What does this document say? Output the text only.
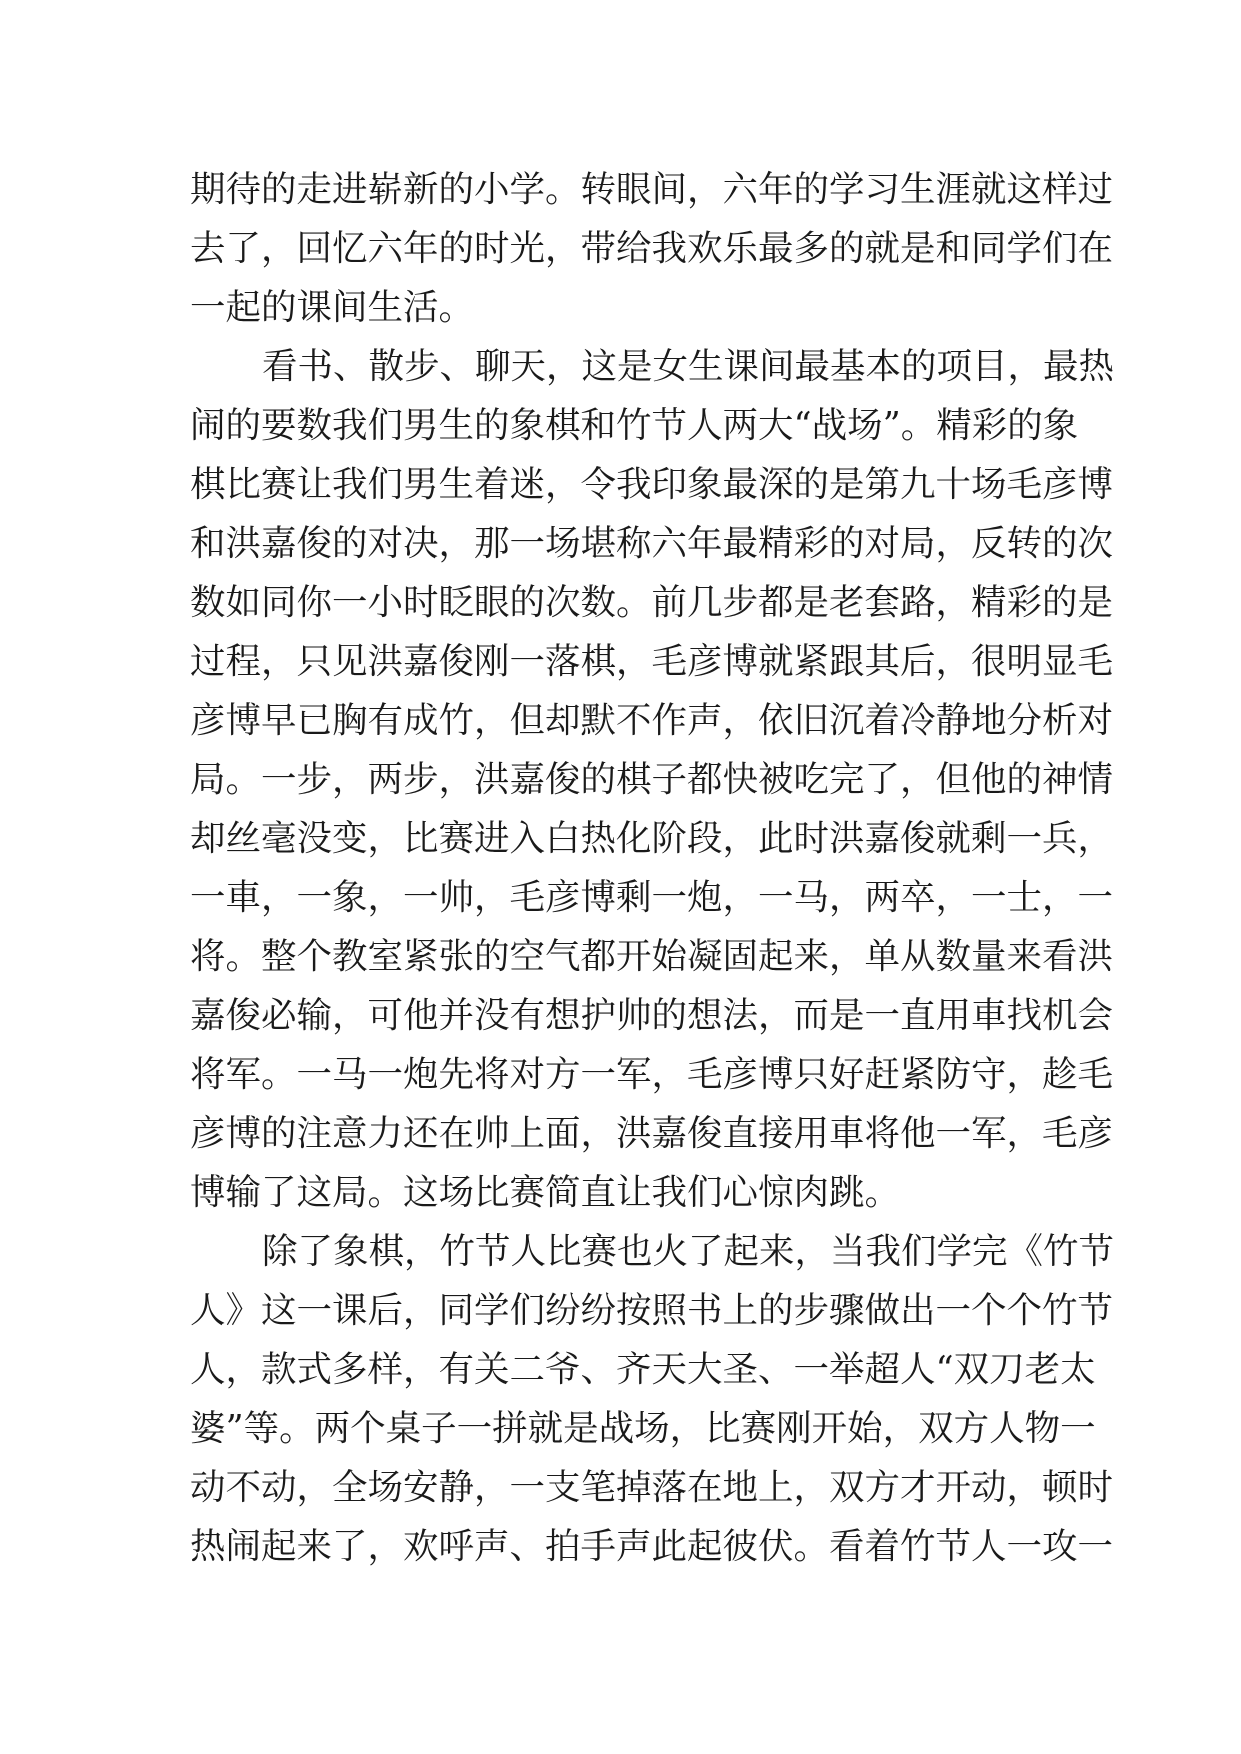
期待的走进崭新的小学。转眼间，六年的学习生涯就这样过
去了，回忆六年的时光，带给我欢乐最多的就是和同学们在
一起的课间生活。
看书、散步、聊天，这是女生课间最基本的项目，最热
闹的要数我们男生的象棋和竹节人两大“战场”。精彩的象
棋比赛让我们男生着迷，令我印象最深的是第九十场毛彦博
和洪嘉俊的对决，那一场堪称六年最精彩的对局，反转的次
数如同你一小时眨眼的次数。前几步都是老套路，精彩的是
过程，只见洪嘉俊刚一落棋，毛彦博就紧跟其后，很明显毛
彦博早已胸有成竹，但却默不作声，依旧沉着冷静地分析对
局。一步，两步，洪嘉俊的棋子都快被吃完了，但他的神情
却丝毫没变，比赛进入白热化阶段，此时洪嘉俊就剩一兵，
一車，一象，一帅，毛彦博剩一炮，一马，两卒，一士，一
将。整个教室紧张的空气都开始凝固起来，单从数量来看洪
嘉俊必输，可他并没有想护帅的想法，而是一直用車找机会
将军。一马一炮先将对方一军，毛彦博只好赶紧防守，趁毛
彦博的注意力还在帅上面，洪嘉俊直接用車将他一军，毛彦
博输了这局。这场比赛简直让我们心惊肉跳。
除了象棋，竹节人比赛也火了起来，当我们学完《竹节
人》这一课后，同学们纷纷按照书上的步骤做出一个个竹节
人，款式多样，有关二爷、齐天大圣、一举超人“双刀老太
婆”等。两个桌子一拼就是战场，比赛刚开始，双方人物一
动不动，全场安静，一支笔掉落在地上，双方才开动，顿时
热闹起来了，欢呼声、拍手声此起彼伏。看着竹节人一攻一
